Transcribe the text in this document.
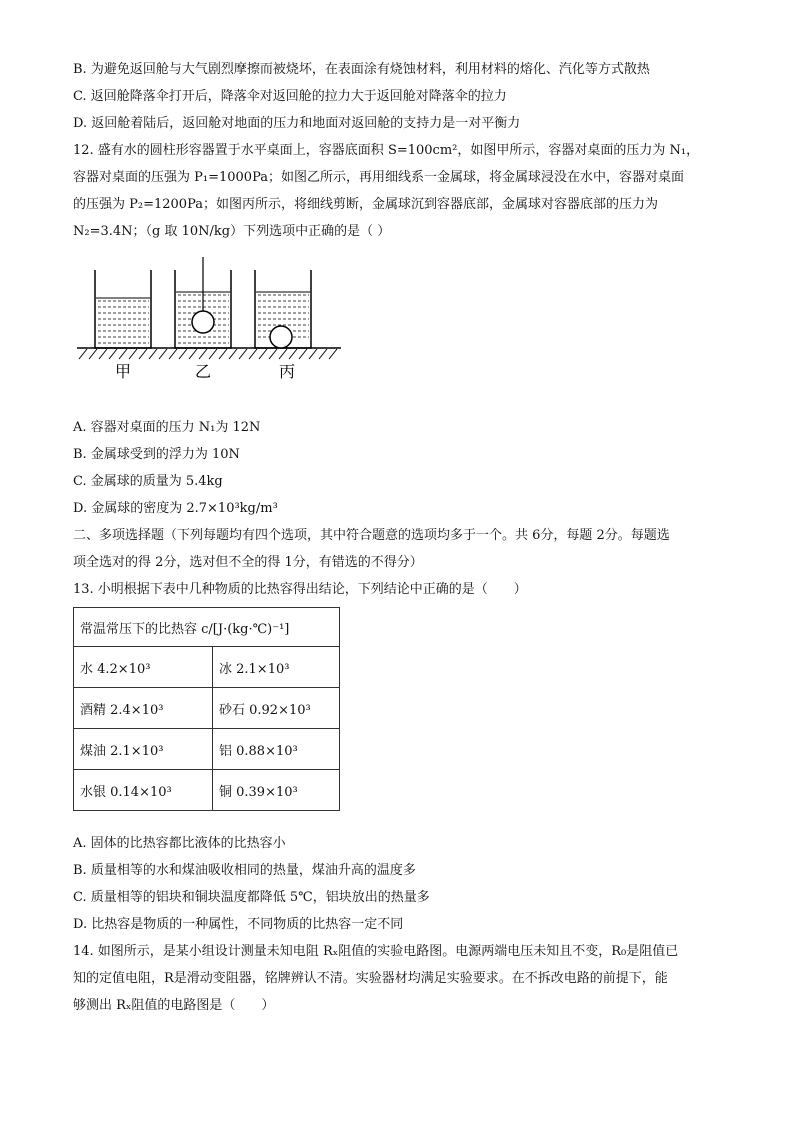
B. 为避免返回舱与大气剧烈摩擦而被烧坏，在表面涂有烧蚀材料，利用材料的熔化、汽化等方式散热
C. 返回舱降落伞打开后，降落伞对返回舱的拉力大于返回舱对降落伞的拉力
D. 返回舱着陆后，返回舱对地面的压力和地面对返回舱的支持力是一对平衡力
12. 盛有水的圆柱形容器置于水平桌面上，容器底面积 S=100cm²，如图甲所示，容器对桌面的压力为 N₁，
容器对桌面的压强为 P₁=1000Pa；如图乙所示，再用细线系一金属球，将金属球浸没在水中，容器对桌面
的压强为 P₂=1200Pa；如图丙所示，将细线剪断，金属球沉到容器底部，金属球对容器底部的压力为
N₂=3.4N；（g 取 10N/kg）下列选项中正确的是（ ）
甲	乙	丙
A. 容器对桌面的压力 N₁为 12N
B. 金属球受到的浮力为 10N
C. 金属球的质量为 5.4kg
D. 金属球的密度为 2.7×10³kg/m³
二、多项选择题（下列每题均有四个选项，其中符合题意的选项均多于一个。共 6分，每题 2分。每题选
项全选对的得 2分，选对但不全的得 1分，有错选的不得分）
13. 小明根据下表中几种物质的比热容得出结论，下列结论中正确的是（　　）
常温常压下的比热容 c/[J·(kg·℃)⁻¹]	
水 4.2×10³	冰 2.1×10³
酒精 2.4×10³	砂石 0.92×10³
煤油 2.1×10³	铝 0.88×10³
水银 0.14×10³	铜 0.39×10³
A. 固体的比热容都比液体的比热容小
B. 质量相等的水和煤油吸收相同的热量，煤油升高的温度多
C. 质量相等的铝块和铜块温度都降低 5℃，铝块放出的热量多
D. 比热容是物质的一种属性，不同物质的比热容一定不同
14. 如图所示，是某小组设计测量未知电阻 Rₓ阻值的实验电路图。电源两端电压未知且不变，R₀是阻值已
知的定值电阻，R是滑动变阻器，铭牌辨认不清。实验器材均满足实验要求。在不拆改电路的前提下，能
够测出 Rₓ阻值的电路图是（　　）
